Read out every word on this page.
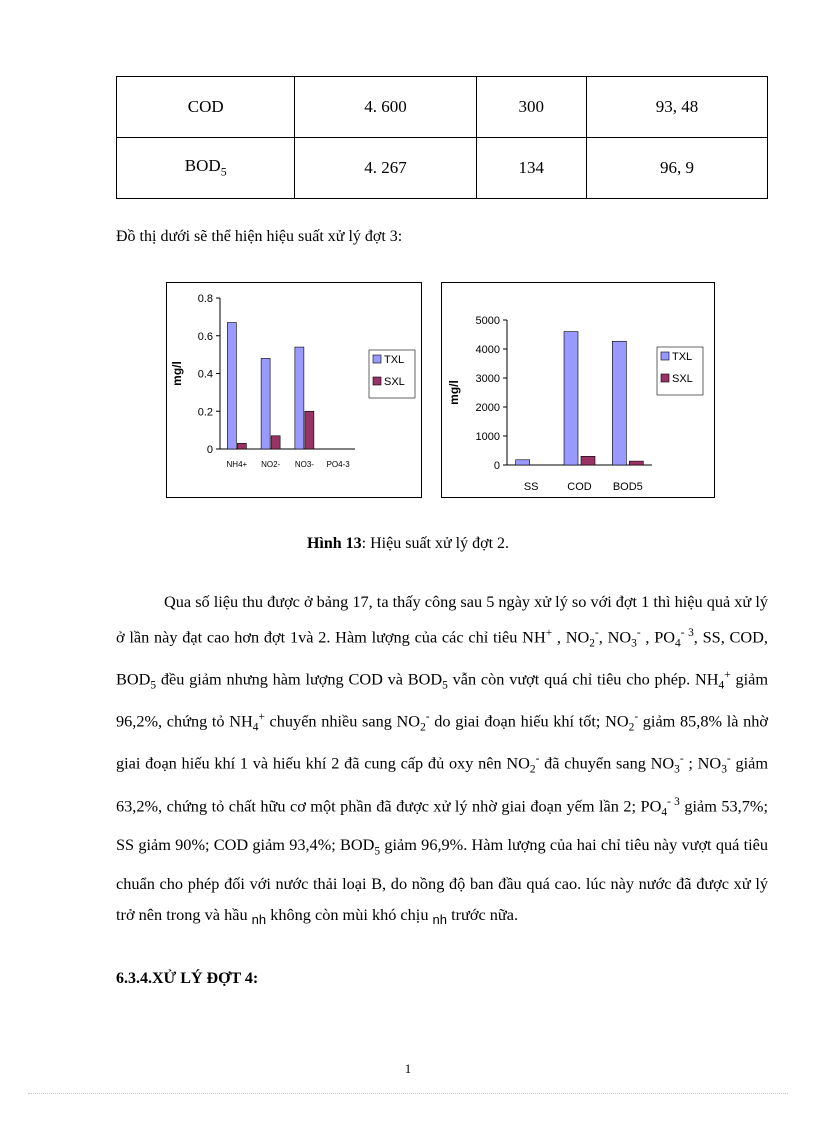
COD	4. 600	300	93, 48
$BOD_5$	4. 267	134	96, 9
Đồ thị dưới sẽ thể hiện hiệu suất xử lý đợt 3:
0
0.2
0.4
0.6
0.8
mg/l
NH4+ NO2- NO3- PO4-3
TXL
SXL
0
1000
2000
3000
4000
5000
mg/l
SS	COD BOD5
TXL
SXL
Hình 13: Hiệu suất xử lý đợt 2.

Qua số liệu thu được ở bảng 17, ta thấy công sau 5 ngày xử lý so với đợt 1 thì hiệu quả xử lý ở lần này đạt cao hơn đợt 1và 2. Hàm lượng của các chỉ tiêu NH+ , $NO_2^-$, $NO_3^-$ , $PO_4^{- 3}$, SS, COD, $BOD_5$ đều giảm nhưng hàm lượng COD và $BOD_5$ vẫn còn vượt quá chỉ tiêu cho phép. $NH_4^+$ giảm 96,2%, chứng tỏ $NH_4^+$ chuyển nhiều sang $NO_2^-$ do giai đoạn hiếu khí tốt; $NO_2^-$ giảm 85,8% là nhờ giai đoạn hiếu khí 1 và hiếu khí 2 đã cung cấp đủ oxy nên $NO_2^-$ đã chuyển sang $NO_3^-$ ; $NO_3^-$ giảm 63,2%, chứng tỏ chất hữu cơ một phần đã được xử lý nhờ giai đoạn yếm lần 2; $PO_4^{- 3}$ giảm 53,7%; SS giảm 90%; COD giảm 93,4%; $BOD_5$ giảm 96,9%. Hàm lượng của hai chỉ tiêu này vượt quá tiêu chuẩn cho phép đối với nước thải loại B, do nồng độ ban đầu quá cao. lúc này nước đã được xử lý trở nên trong và hầu $_{nh}$ không còn mùi khó chịu $_{nh}$ trước nữa.

6.3.4.XỬ LÝ ĐỢT 4:
1
